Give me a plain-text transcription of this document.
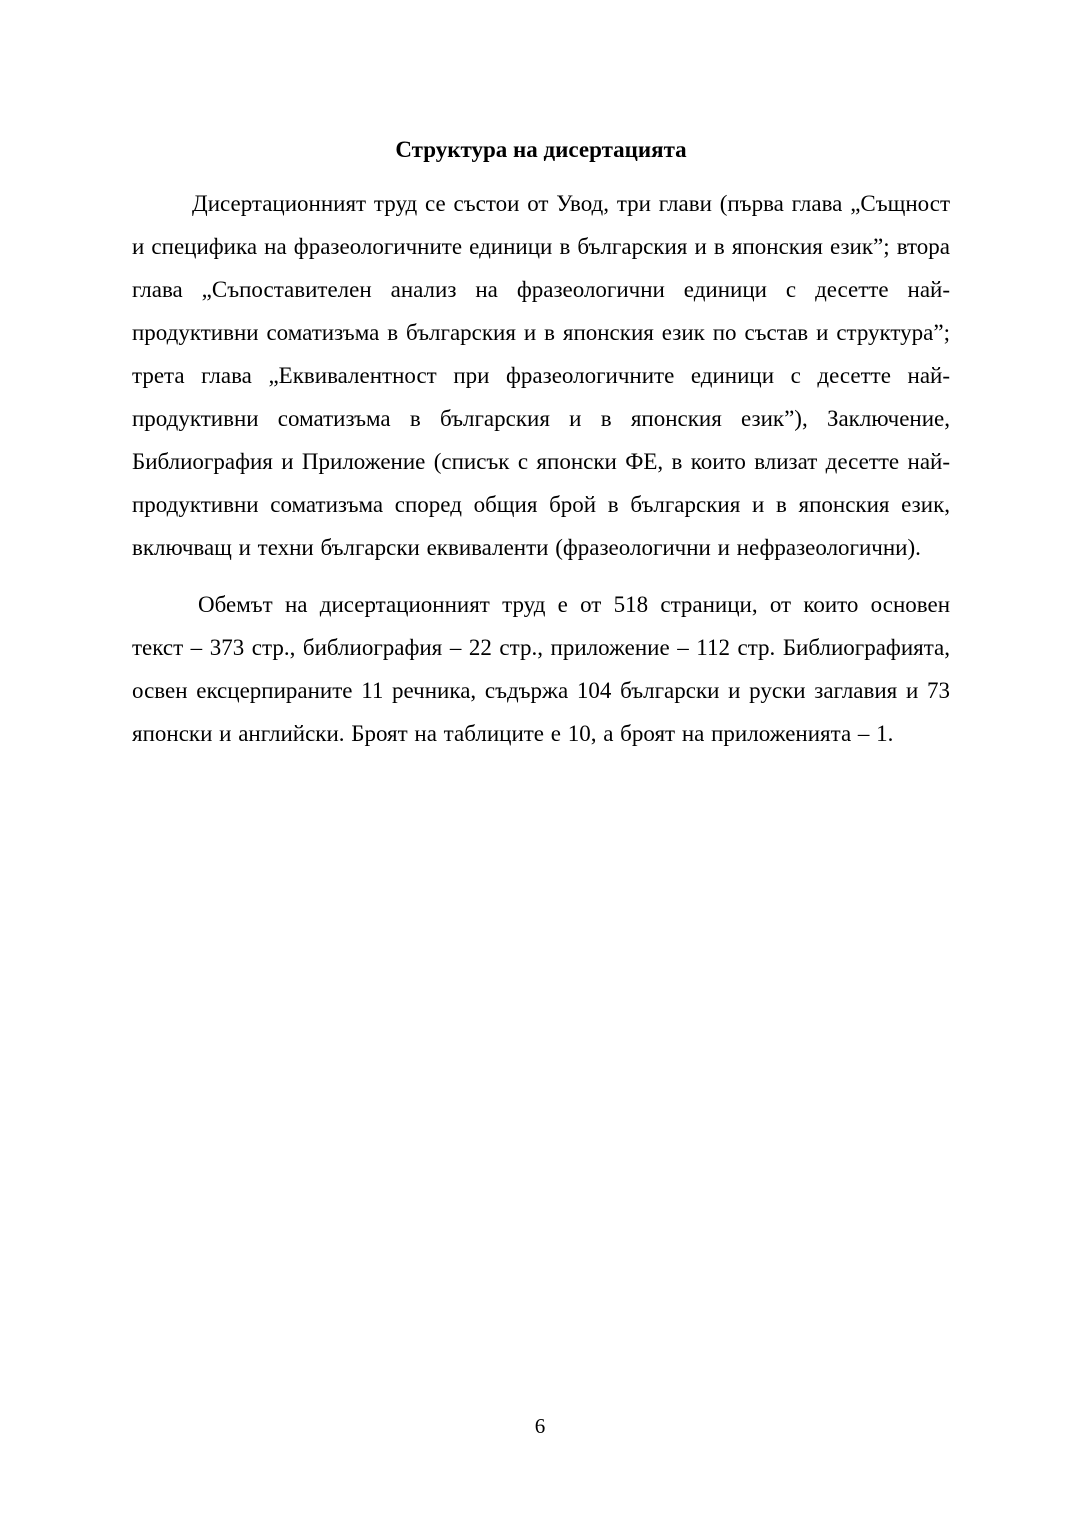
Структура на дисертацията

Дисертационният труд се състои от Увод, три глави (първа глава „Същност и специфика на фразеологичните единици в българския и в японския език”; втора глава „Съпоставителен анализ на фразеологични единици с десетте най-продуктивни соматизъма в българския и в японския език по състав и структура”; трета глава „Еквивалентност при фразеологичните единици с десетте най-продуктивни соматизъма в българския и в японския език”), Заключение, Библиография и Приложение (списък с японски ФЕ, в които влизат десетте най-продуктивни соматизъма според общия брой в българския и в японския език, включващ и техни български еквиваленти (фразеологични и нефразеологични).

Обемът на дисертационният труд е от 518 страници, от които основен текст – 373 стр., библиография – 22 стр., приложение – 112 стр. Библиографията, освен ексцерпираните 11 речника, съдържа 104 български и руски заглавия и 73 японски и английски. Броят на таблиците е 10, а броят на приложенията – 1.

6
